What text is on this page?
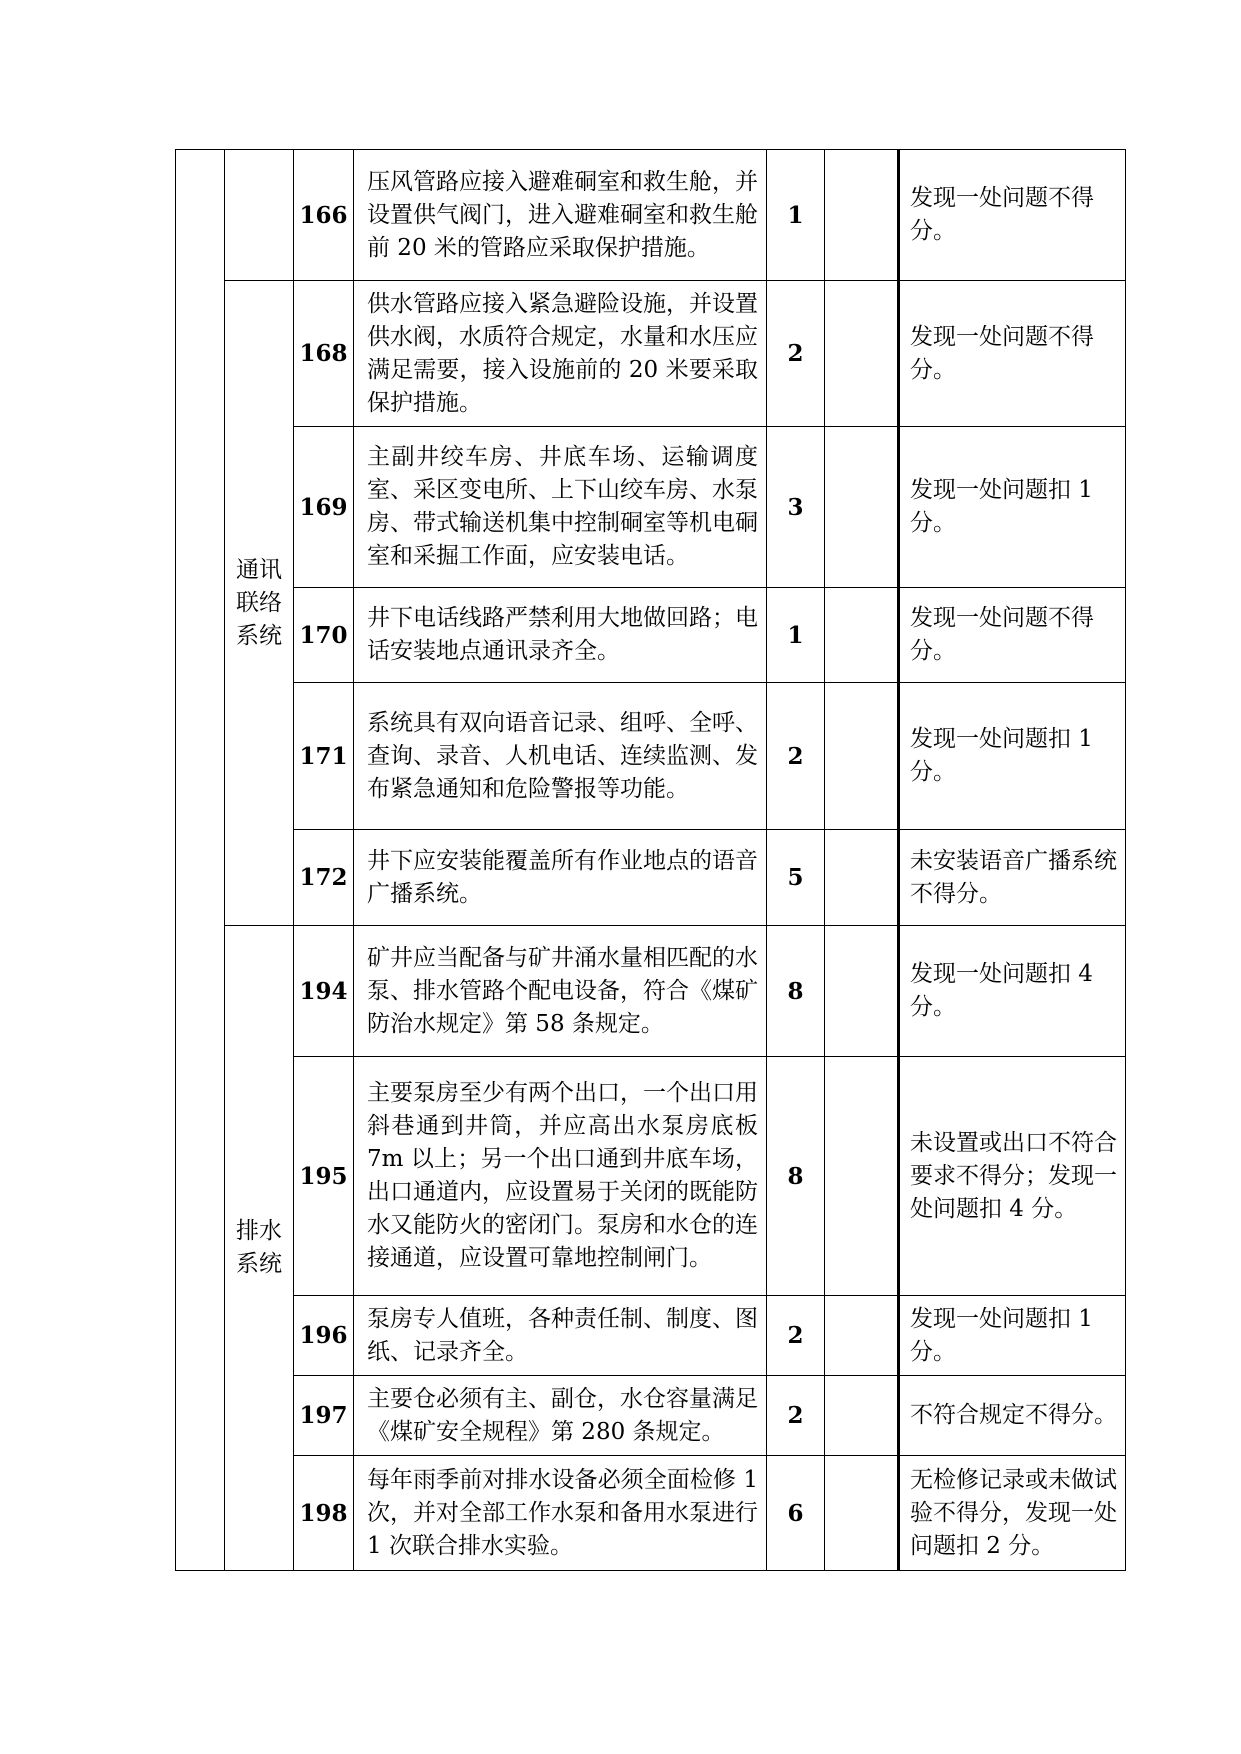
		166	压风管路应接入避难硐室和救生舱，并设置供气阀门，进入避难硐室和救生舱前 20 米的管路应采取保护措施。	1		发现一处问题不得分。

	通讯联络系统	168	供水管路应接入紧急避险设施，并设置供水阀，水质符合规定，水量和水压应满足需要，接入设施前的 20 米要采取保护措施。	2		发现一处问题不得分。
		169	主副井绞车房、井底车场、运输调度室、采区变电所、上下山绞车房、水泵房、带式输送机集中控制硐室等机电硐室和采掘工作面，应安装电话。	3		发现一处问题扣 1 分。
		170	井下电话线路严禁利用大地做回路；电话安装地点通讯录齐全。	1		发现一处问题不得分。
		171	系统具有双向语音记录、组呼、全呼、查询、录音、人机电话、连续监测、发布紧急通知和危险警报等功能。	2		发现一处问题扣 1 分。
		172	井下应安装能覆盖所有作业地点的语音广播系统。	5		未安装语音广播系统不得分。

	排水系统	194	矿井应当配备与矿井涌水量相匹配的水泵、排水管路个配电设备，符合《煤矿防治水规定》第 58 条规定。	8		发现一处问题扣 4 分。
		195	主要泵房至少有两个出口，一个出口用斜巷通到井筒，并应高出水泵房底板 7m 以上；另一个出口通到井底车场，出口通道内，应设置易于关闭的既能防水又能防火的密闭门。泵房和水仓的连接通道，应设置可靠地控制闸门。	8		未设置或出口不符合要求不得分；发现一处问题扣 4 分。
		196	泵房专人值班，各种责任制、制度、图纸、记录齐全。	2		发现一处问题扣 1 分。
		197	主要仓必须有主、副仓，水仓容量满足《煤矿安全规程》第 280 条规定。	2		不符合规定不得分。
		198	每年雨季前对排水设备必须全面检修 1 次，并对全部工作水泵和备用水泵进行 1 次联合排水实验。	6		无检修记录或未做试验不得分，发现一处问题扣 2 分。
